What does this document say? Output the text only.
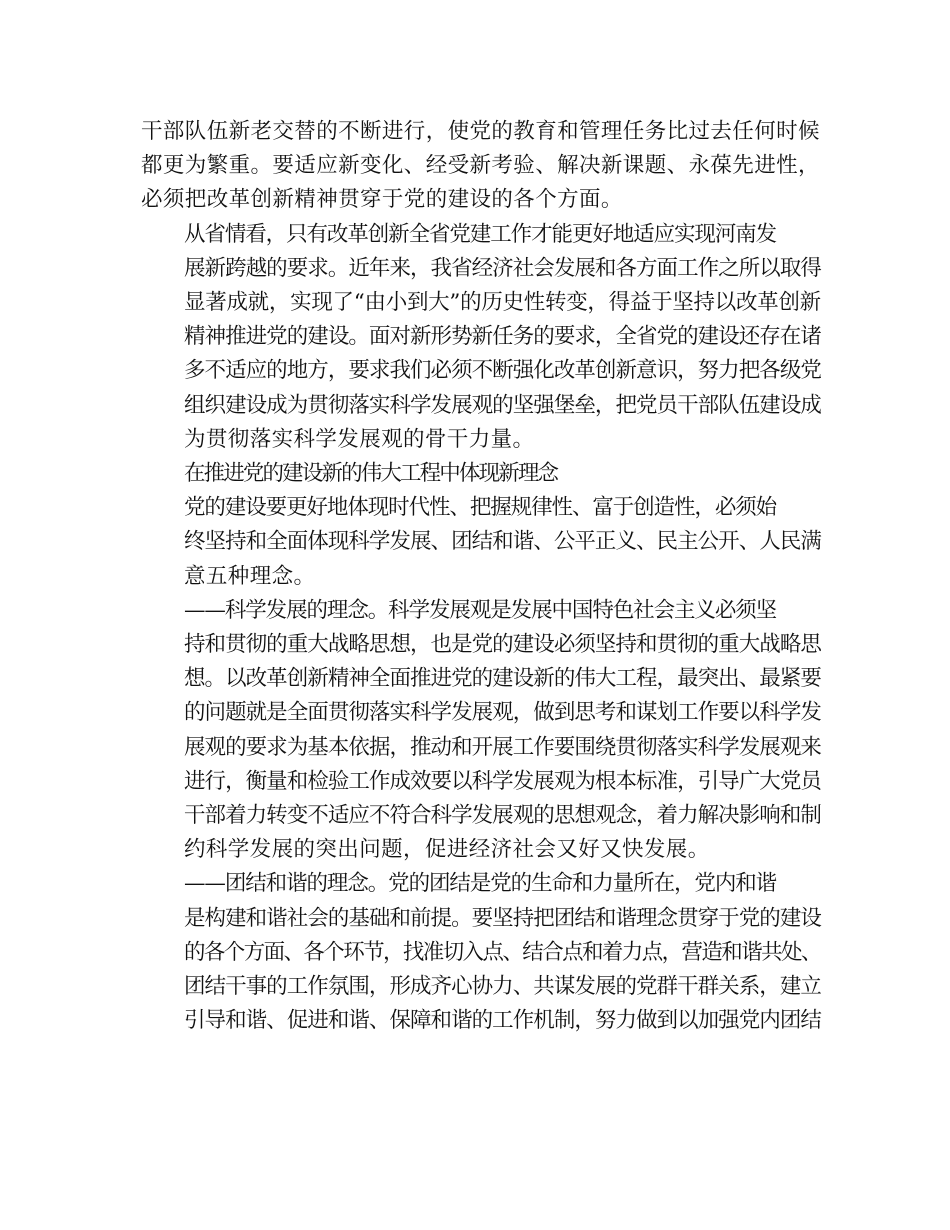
干部队伍新老交替的不断进行，使党的教育和管理任务比过去任何时候
都更为繁重。要适应新变化、经受新考验、解决新课题、永葆先进性，
必须把改革创新精神贯穿于党的建设的各个方面。
从省情看，只有改革创新全省党建工作才能更好地适应实现河南发
展新跨越的要求。近年来，我省经济社会发展和各方面工作之所以取得
显著成就，实现了“由小到大”的历史性转变，得益于坚持以改革创新
精神推进党的建设。面对新形势新任务的要求，全省党的建设还存在诸
多不适应的地方，要求我们必须不断强化改革创新意识，努力把各级党
组织建设成为贯彻落实科学发展观的坚强堡垒，把党员干部队伍建设成
为贯彻落实科学发展观的骨干力量。
在推进党的建设新的伟大工程中体现新理念
党的建设要更好地体现时代性、把握规律性、富于创造性，必须始
终坚持和全面体现科学发展、团结和谐、公平正义、民主公开、人民满
意五种理念。
——科学发展的理念。科学发展观是发展中国特色社会主义必须坚
持和贯彻的重大战略思想，也是党的建设必须坚持和贯彻的重大战略思
想。以改革创新精神全面推进党的建设新的伟大工程，最突出、最紧要
的问题就是全面贯彻落实科学发展观，做到思考和谋划工作要以科学发
展观的要求为基本依据，推动和开展工作要围绕贯彻落实科学发展观来
进行，衡量和检验工作成效要以科学发展观为根本标准，引导广大党员
干部着力转变不适应不符合科学发展观的思想观念，着力解决影响和制
约科学发展的突出问题，促进经济社会又好又快发展。
——团结和谐的理念。党的团结是党的生命和力量所在，党内和谐
是构建和谐社会的基础和前提。要坚持把团结和谐理念贯穿于党的建设
的各个方面、各个环节，找准切入点、结合点和着力点，营造和谐共处、
团结干事的工作氛围，形成齐心协力、共谋发展的党群干群关系，建立
引导和谐、促进和谐、保障和谐的工作机制，努力做到以加强党内团结
